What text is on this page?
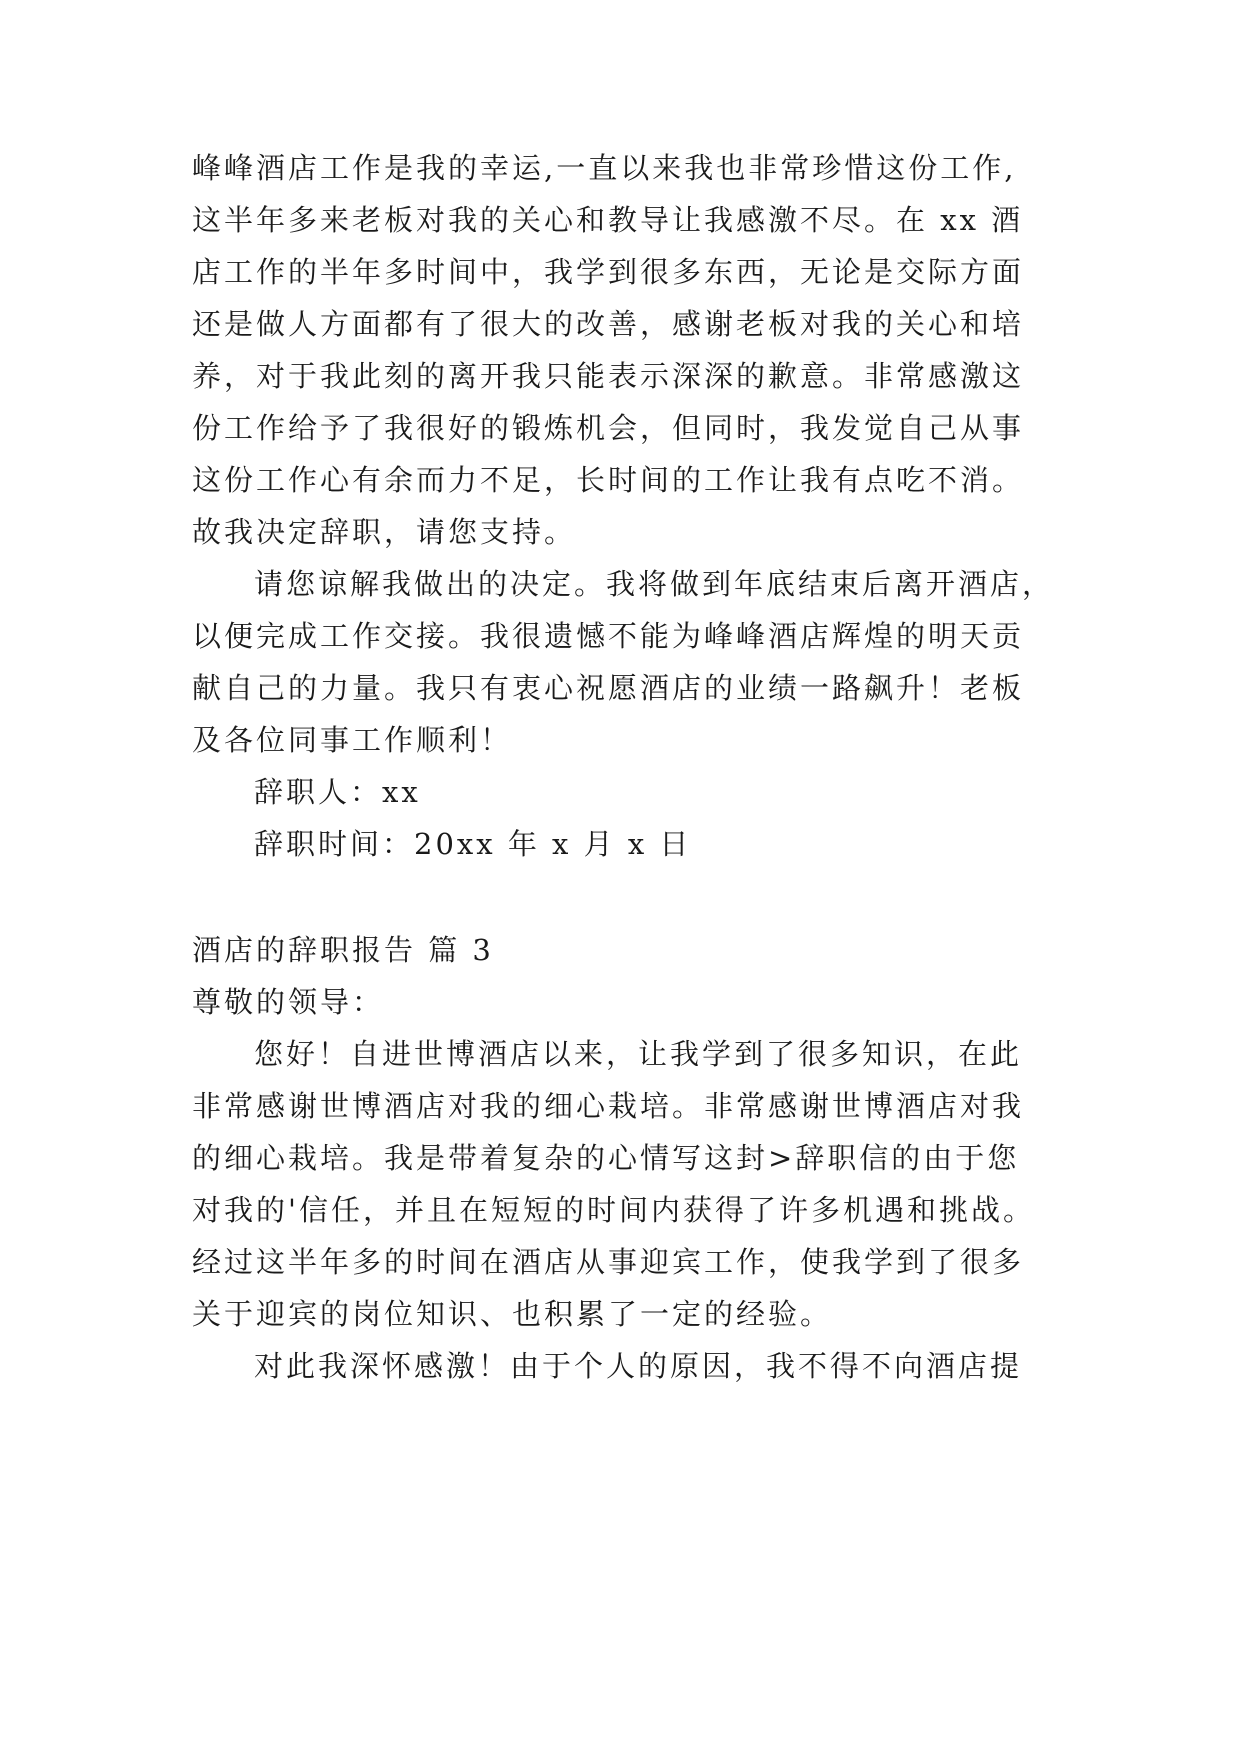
峰峰酒店工作是我的幸运,一直以来我也非常珍惜这份工作,
这半年多来老板对我的关心和教导让我感激不尽。在 xx 酒
店工作的半年多时间中，我学到很多东西，无论是交际方面
还是做人方面都有了很大的改善，感谢老板对我的关心和培
养，对于我此刻的离开我只能表示深深的歉意。非常感激这
份工作给予了我很好的锻炼机会，但同时，我发觉自己从事
这份工作心有余而力不足，长时间的工作让我有点吃不消。
故我决定辞职，请您支持。
请您谅解我做出的决定。我将做到年底结束后离开酒店，
以便完成工作交接。我很遗憾不能为峰峰酒店辉煌的明天贡
献自己的力量。我只有衷心祝愿酒店的业绩一路飙升！老板
及各位同事工作顺利！
辞职人：xx
辞职时间：20xx 年 x 月 x 日
酒店的辞职报告 篇 3
尊敬的领导：
您好！自进世博酒店以来，让我学到了很多知识，在此
非常感谢世博酒店对我的细心栽培。非常感谢世博酒店对我
的细心栽培。我是带着复杂的心情写这封>辞职信的由于您
对我的'信任，并且在短短的时间内获得了许多机遇和挑战。
经过这半年多的时间在酒店从事迎宾工作，使我学到了很多
关于迎宾的岗位知识、也积累了一定的经验。
对此我深怀感激！由于个人的原因，我不得不向酒店提
